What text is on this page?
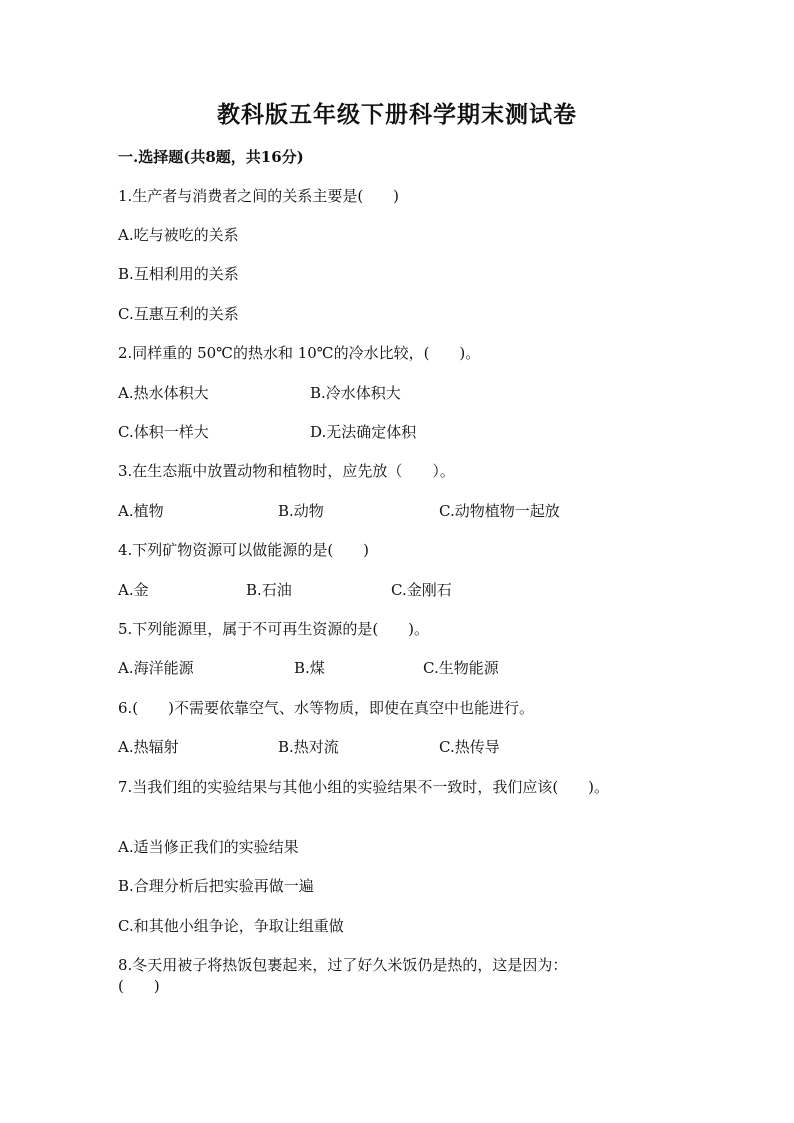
教科版五年级下册科学期末测试卷
一.选择题(共8题，共16分)
1.生产者与消费者之间的关系主要是(　　)
A.吃与被吃的关系
B.互相利用的关系
C.互惠互利的关系
2.同样重的 50℃的热水和 10℃的冷水比较，(　　)。
A.热水体积大	B.冷水体积大
C.体积一样大	D.无法确定体积
3.在生态瓶中放置动物和植物时，应先放（　　）。
A.植物	B.动物	C.动物植物一起放
4.下列矿物资源可以做能源的是(　　)
A.金	B.石油	C.金刚石
5.下列能源里，属于不可再生资源的是(　　)。
A.海洋能源	B.煤	C.生物能源
6.(　　)不需要依靠空气、水等物质，即使在真空中也能进行。
A.热辐射	B.热对流	C.热传导
7.当我们组的实验结果与其他小组的实验结果不一致时，我们应该(　　)。
A.适当修正我们的实验结果
B.合理分析后把实验再做一遍
C.和其他小组争论，争取让组重做
8.冬天用被子将热饭包裹起来，过了好久米饭仍是热的，这是因为：
(　　)
